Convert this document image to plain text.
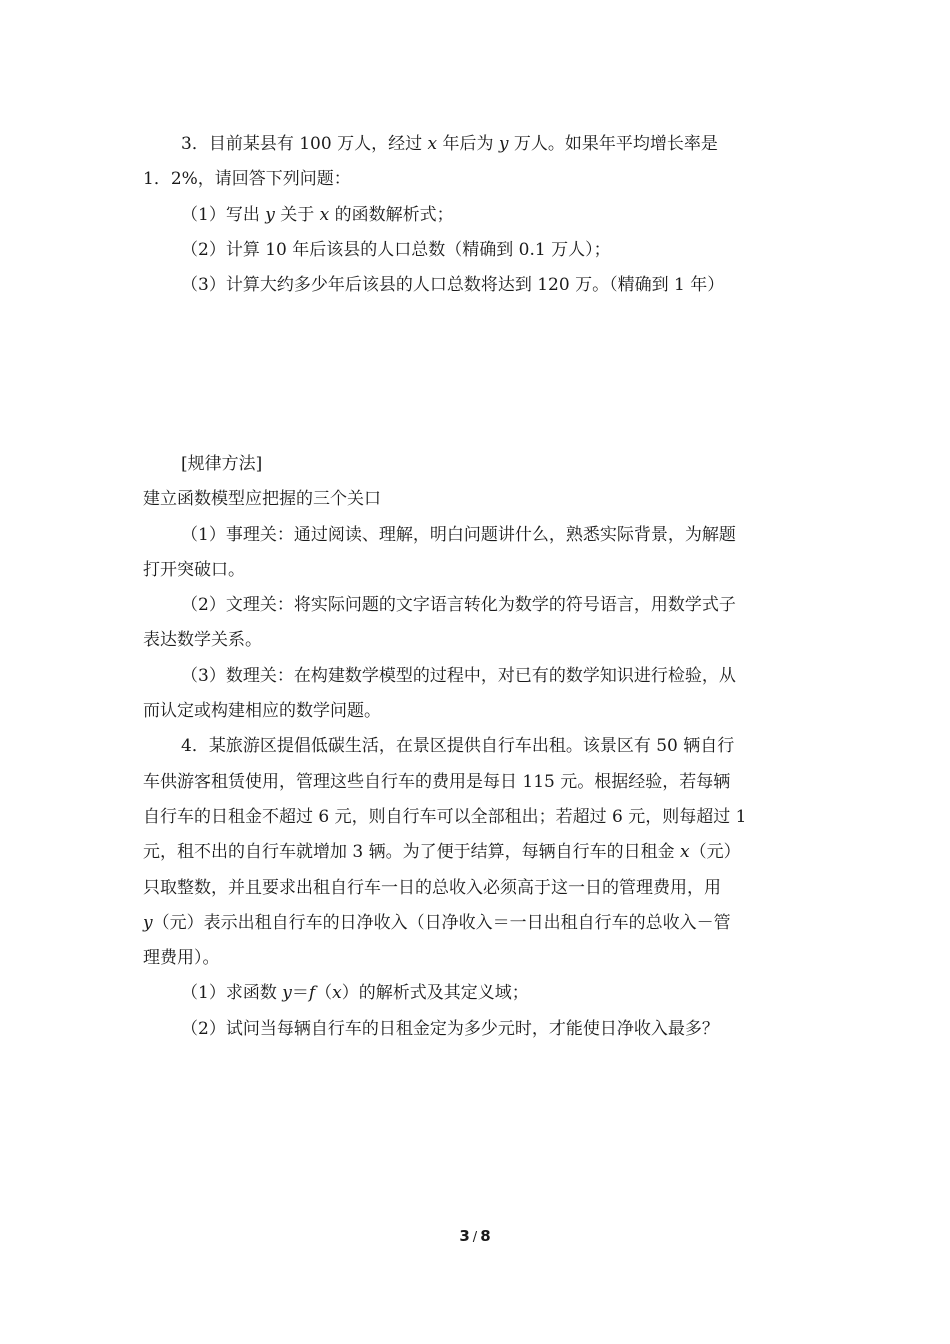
3．目前某县有 100 万人，经过 x 年后为 y 万人。如果年平均增长率是
1．2%，请回答下列问题：
（1）写出 y 关于 x 的函数解析式；
（2）计算 10 年后该县的人口总数（精确到 0.1 万人）；
（3）计算大约多少年后该县的人口总数将达到 120 万。（精确到 1 年）
[规律方法]
建立函数模型应把握的三个关口
（1）事理关：通过阅读、理解，明白问题讲什么，熟悉实际背景，为解题
打开突破口。
（2）文理关：将实际问题的文字语言转化为数学的符号语言，用数学式子
表达数学关系。
（3）数理关：在构建数学模型的过程中，对已有的数学知识进行检验，从
而认定或构建相应的数学问题。
4．某旅游区提倡低碳生活，在景区提供自行车出租。该景区有 50 辆自行
车供游客租赁使用，管理这些自行车的费用是每日 115 元。根据经验，若每辆
自行车的日租金不超过 6 元，则自行车可以全部租出；若超过 6 元，则每超过 1
元，租不出的自行车就增加 3 辆。为了便于结算，每辆自行车的日租金 x（元）
只取整数，并且要求出租自行车一日的总收入必须高于这一日的管理费用，用
y（元）表示出租自行车的日净收入（日净收入＝一日出租自行车的总收入－管
理费用）。
（1）求函数 y＝f（x）的解析式及其定义域；
（2）试问当每辆自行车的日租金定为多少元时，才能使日净收入最多？
3 / 8
